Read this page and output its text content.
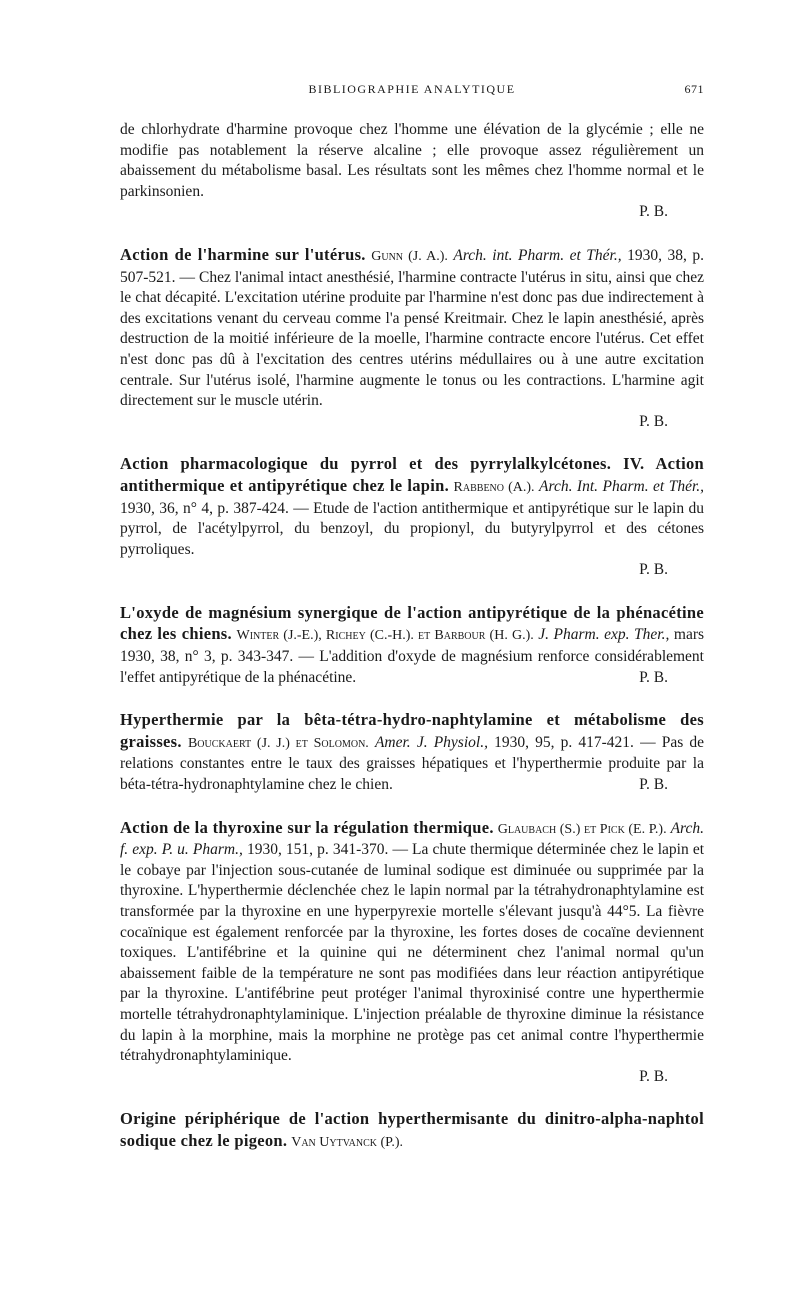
BIBLIOGRAPHIE ANALYTIQUE	671

de chlorhydrate d'harmine provoque chez l'homme une élévation de la glycémie ; elle ne modifie pas notablement la réserve alcaline ; elle provoque assez régulièrement un abaissement du métabolisme basal. Les résultats sont les mêmes chez l'homme normal et le parkinsonien.
P. B.

Action de l'harmine sur l'utérus. Gunn (J. A.). Arch. int. Pharm. et Thér., 1930, 38, p. 507-521. — Chez l'animal intact anesthésié, l'harmine contracte l'utérus in situ, ainsi que chez le chat décapité. L'excitation utérine produite par l'harmine n'est donc pas due indirectement à des excitations venant du cerveau comme l'a pensé Kreitmair. Chez le lapin anesthésié, après destruction de la moitié inférieure de la moelle, l'harmine contracte encore l'utérus. Cet effet n'est donc pas dû à l'excitation des centres utérins médullaires ou à une autre excitation centrale. Sur l'utérus isolé, l'harmine augmente le tonus ou les contractions. L'harmine agit directement sur le muscle utérin.
P. B.

Action pharmacologique du pyrrol et des pyrrylalkylcétones. IV. Action antithermique et antipyrétique chez le lapin. Rabbeno (A.). Arch. Int. Pharm. et Thér., 1930, 36, n° 4, p. 387-424. — Etude de l'action antithermique et antipyrétique sur le lapin du pyrrol, de l'acétylpyrrol, du benzoyl, du propionyl, du butyrylpyrrol et des cétones pyrroliques.
P. B.

L'oxyde de magnésium synergique de l'action antipyrétique de la phénacétine chez les chiens. Winter (J.-E.), Richey (C.-H.). et Barbour (H. G.). J. Pharm. exp. Ther., mars 1930, 38, n° 3, p. 343-347. — L'addition d'oxyde de magnésium renforce considérablement l'effet antipyrétique de la phénacétine.	P. B.

Hyperthermie par la bêta-tétra-hydro-naphtylamine et métabolisme des graisses. Bouckaert (J. J.) et Solomon. Amer. J. Physiol., 1930, 95, p. 417-421. — Pas de relations constantes entre le taux des graisses hépatiques et l'hyperthermie produite par la béta-tétra-hydronaphtylamine chez le chien.	P. B.

Action de la thyroxine sur la régulation thermique. Glaubach (S.) et Pick (E. P.). Arch. f. exp. P. u. Pharm., 1930, 151, p. 341-370. — La chute thermique déterminée chez le lapin et le cobaye par l'injection sous-cutanée de luminal sodique est diminuée ou supprimée par la thyroxine. L'hyperthermie déclenchée chez le lapin normal par la tétrahydronaphtylamine est transformée par la thyroxine en une hyperpyrexie mortelle s'élevant jusqu'à 44°5. La fièvre cocaïnique est également renforcée par la thyroxine, les fortes doses de cocaïne deviennent toxiques. L'antifébrine et la quinine qui ne déterminent chez l'animal normal qu'un abaissement faible de la température ne sont pas modifiées dans leur réaction antipyrétique par la thyroxine. L'antifébrine peut protéger l'animal thyroxinisé contre une hyperthermie mortelle tétrahydronaphtylaminique. L'injection préalable de thyroxine diminue la résistance du lapin à la morphine, mais la morphine ne protège pas cet animal contre l'hyperthermie tétrahydronaphtylaminique.
P. B.

Origine périphérique de l'action hyperthermisante du dinitro-alpha-naphtol sodique chez le pigeon. Van Uytvanck (P.).
